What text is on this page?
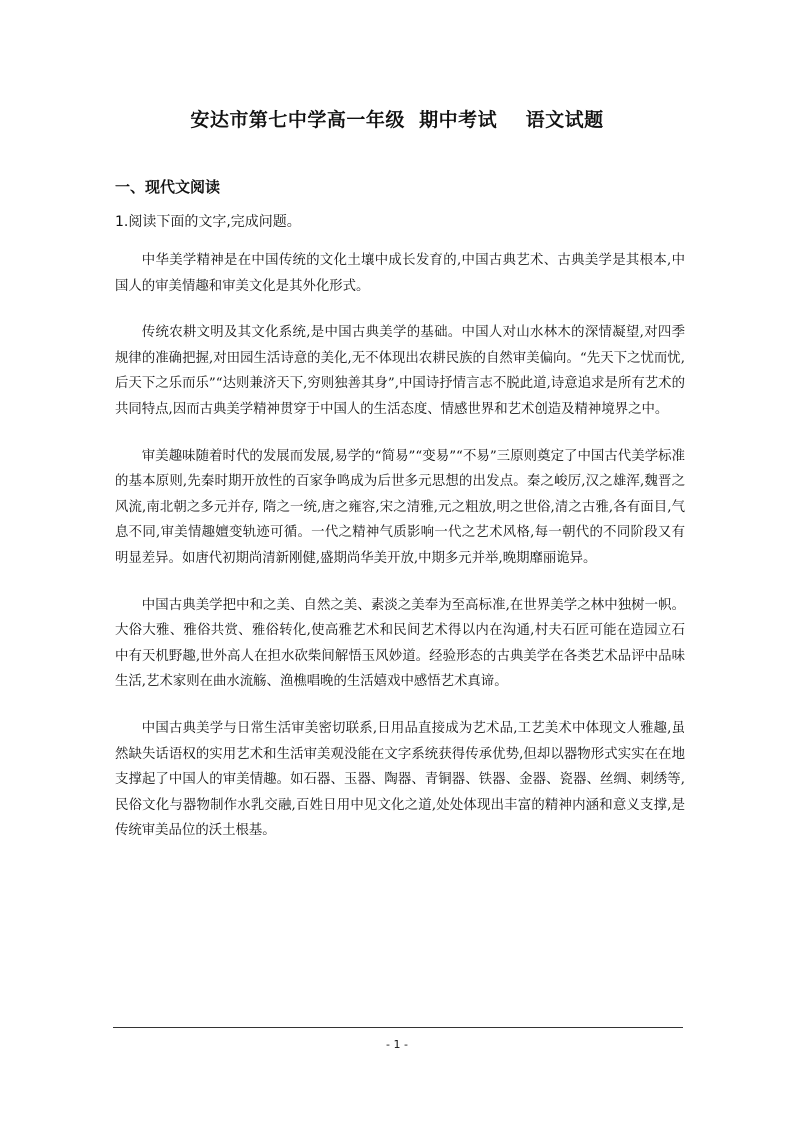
安达市第七中学高一年级  期中考试    语文试题
一、现代文阅读
1.阅读下面的文字,完成问题。

中华美学精神是在中国传统的文化土壤中成长发育的,中国古典艺术、古典美学是其根本,中国人的审美情趣和审美文化是其外化形式。

传统农耕文明及其文化系统,是中国古典美学的基础。中国人对山水林木的深情凝望,对四季规律的准确把握,对田园生活诗意的美化,无不体现出农耕民族的自然审美偏向。“先天下之忧而忧,后天下之乐而乐”“达则兼济天下,穷则独善其身”,中国诗抒情言志不脱此道,诗意追求是所有艺术的共同特点,因而古典美学精神贯穿于中国人的生活态度、情感世界和艺术创造及精神境界之中。

审美趣味随着时代的发展而发展,易学的“简易”“变易”“不易”三原则奠定了中国古代美学标准的基本原则,先秦时期开放性的百家争鸣成为后世多元思想的出发点。秦之峻厉,汉之雄浑,魏晋之风流,南北朝之多元并存, 隋之一统,唐之雍容,宋之清雅,元之粗放,明之世俗,清之古雅,各有面目,气息不同,审美情趣嬗变轨迹可循。一代之精神气质影响一代之艺术风格,每一朝代的不同阶段又有明显差异。如唐代初期尚清新刚健,盛期尚华美开放,中期多元并举,晚期靡丽诡异。

中国古典美学把中和之美、自然之美、素淡之美奉为至高标准,在世界美学之林中独树一帜。大俗大雅、雅俗共赏、雅俗转化,使高雅艺术和民间艺术得以内在沟通,村夫石匠可能在造园立石中有天机野趣,世外高人在担水砍柴间解悟玉风妙道。经验形态的古典美学在各类艺术品评中品味生活,艺术家则在曲水流觞、渔樵唱晚的生活嬉戏中感悟艺术真谛。

中国古典美学与日常生活审美密切联系,日用品直接成为艺术品,工艺美术中体现文人雅趣,虽然缺失话语权的实用艺术和生活审美观没能在文字系统获得传承优势,但却以器物形式实实在在地支撑起了中国人的审美情趣。如石器、玉器、陶器、青铜器、铁器、金器、瓷器、丝绸、刺绣等,民俗文化与器物制作水乳交融,百姓日用中见文化之道,处处体现出丰富的精神内涵和意义支撑,是传统审美品位的沃土根基。

- 1 -
